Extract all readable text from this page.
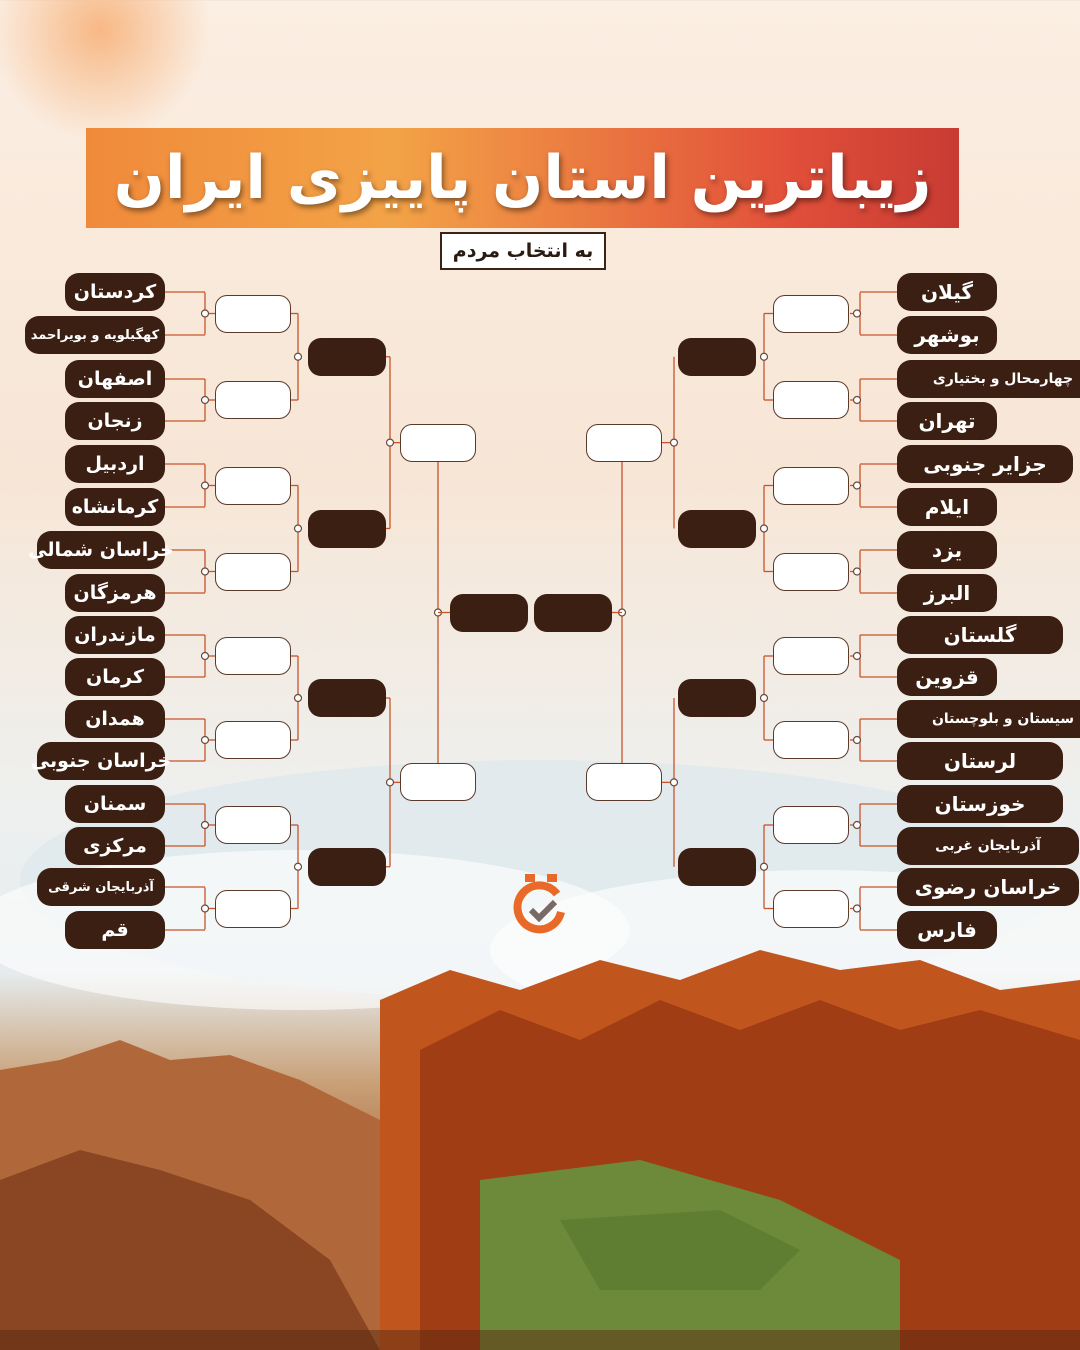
زیباترین استان پاییزی ایران
به انتخاب مردم
کردستان
کهگیلویه و بویراحمد
اصفهان
زنجان
اردبیل
کرمانشاه
خراسان شمالی
هرمزگان
مازندران
کرمان
همدان
خراسان جنوبی
سمنان
مرکزی
آذربایجان شرقی
قم
گیلان
بوشهر
چهارمحال و بختیاری
تهران
جزایر جنوبی
ایلام
یزد
البرز
گلستان
قزوین
سیستان و بلوچستان
لرستان
خوزستان
آذربایجان غربی
خراسان رضوی
فارس
